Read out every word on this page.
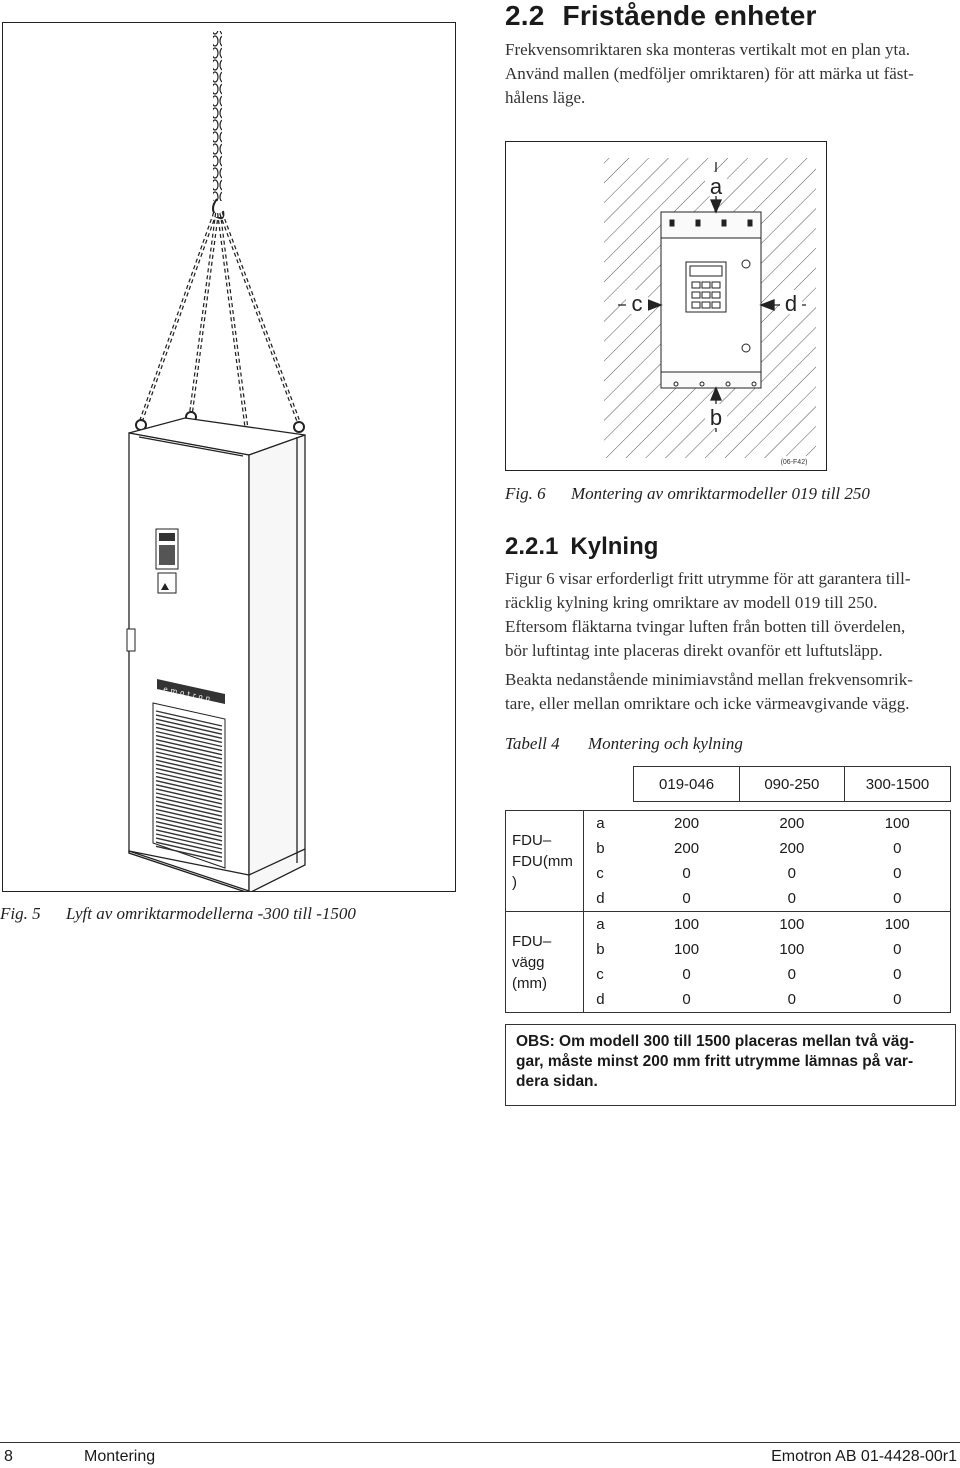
emotron
Fig. 5 Lyft av omriktarmodellerna -300 till -1500
2.2 Fristående enheter
Frekvensomriktaren ska monteras vertikalt mot en plan yta.
Använd mallen (medföljer omriktaren) för att märka ut fäst-
hålens läge.
a
c	d
b
(06-F42)
Fig. 6 Montering av omriktarmodeller 019 till 250
2.2.1 Kylning
Figur 6 visar erforderligt fritt utrymme för att garantera till-
räcklig kylning kring omriktare av modell 019 till 250.
Eftersom fläktarna tvingar luften från botten till överdelen,
bör luftintag inte placeras direkt ovanför ett luftutsläpp.
Beakta nedanstående minimiavstånd mellan frekvensomrik-
tare, eller mellan omriktare och icke värmeavgivande vägg.
Tabell 4 Montering och kylning
		019-046	090-250	300-1500

FDU–
FDU(mm
)	a	200	200	100
	b	200	200	0
	c	0	0	0
	d	0	0	0

FDU–
vägg
(mm)	a	100	100	100
	b	100	100	0
	c	0	0	0
	d	0	0	0
OBS: Om modell 300 till 1500 placeras mellan två väg-
gar, måste minst 200 mm fritt utrymme lämnas på var-
dera sidan.
8	Montering	Emotron AB 01-4428-00r1
